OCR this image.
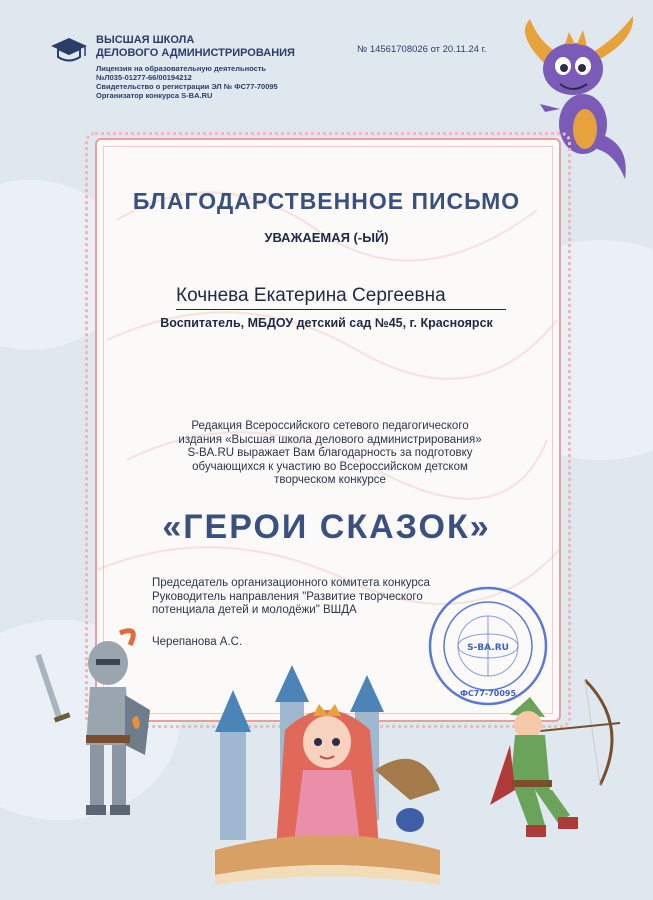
ВЫСШАЯ ШКОЛА
ДЕЛОВОГО АДМИНИСТРИРОВАНИЯ
Лицензия на образовательную деятельность
№Л035-01277-66/00194212
Свидетельство о регистрации ЭЛ № ФС77-70095
Организатор конкурса S-BA.RU
№ 14561708026 от 20.11.24 г.
БЛАГОДАРСТВЕННОЕ ПИСЬМО
УВАЖАЕМАЯ (-ЫЙ)
Кочнева Екатерина Сергеевна
Воспитатель, МБДОУ детский сад №45, г. Красноярск
Редакция Всероссийского сетевого педагогического
издания «Высшая школа делового администрирования»
S-BA.RU выражает Вам благодарность за подготовку
обучающихся к участию во Всероссийском детском
творческом конкурсе
«ГЕРОИ СКАЗОК»
Председатель организационного комитета конкурса
Руководитель направления "Развитие творческого
потенциала детей и молодёжи" ВШДА
Черепанова А.С.	S-BA.RU
ФС77-70095
